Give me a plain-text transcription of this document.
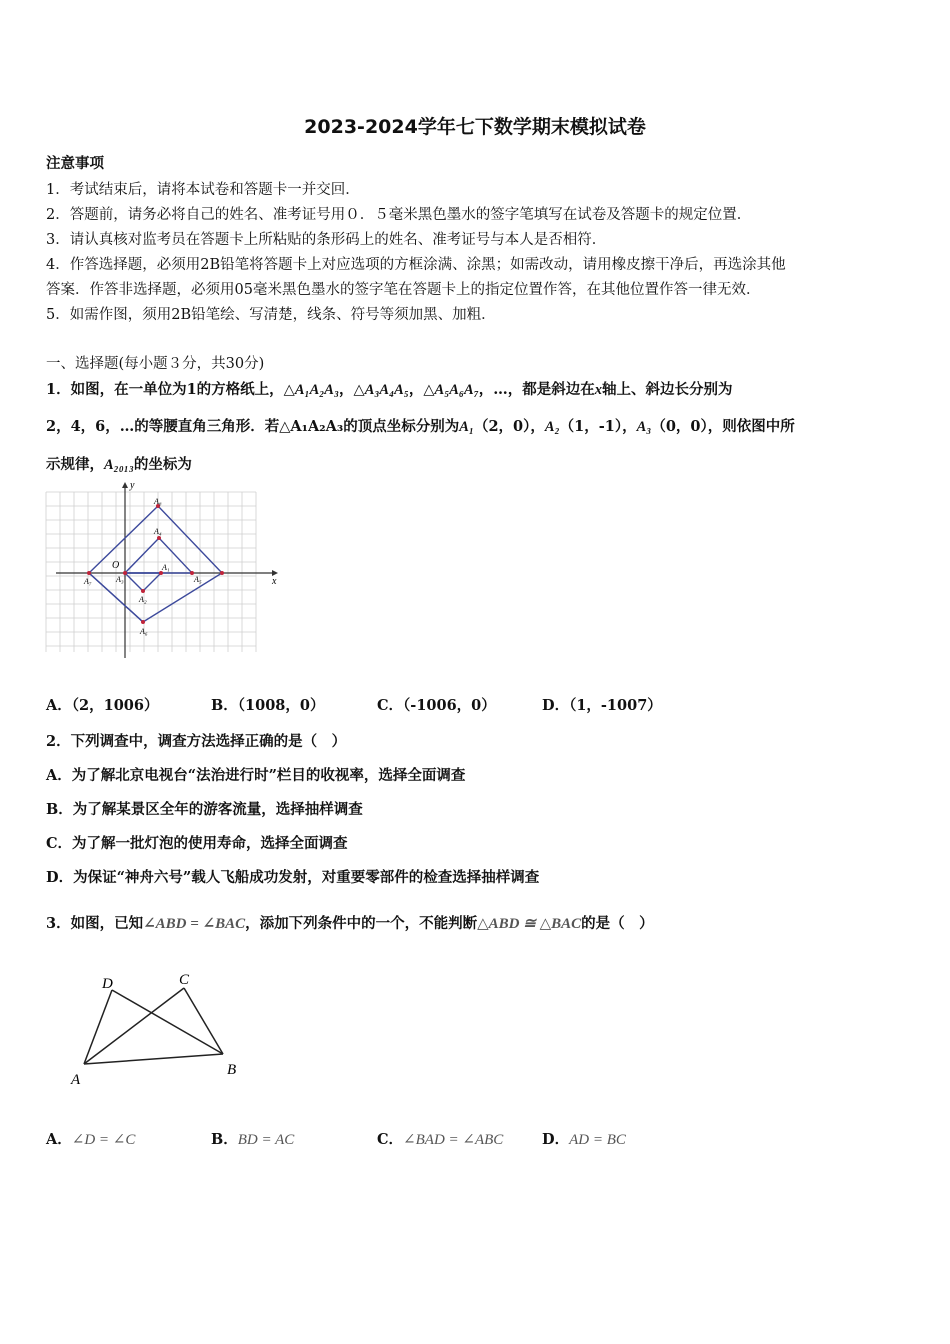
2023-2024学年七下数学期末模拟试卷
注意事项
1．考试结束后，请将本试卷和答题卡一并交回．
2．答题前，请务必将自己的姓名、准考证号用０．５毫米黑色墨水的签字笔填写在试卷及答题卡的规定位置．
3．请认真核对监考员在答题卡上所粘贴的条形码上的姓名、准考证号与本人是否相符．
4．作答选择题，必须用2B铅笔将答题卡上对应选项的方框涂满、涂黑；如需改动，请用橡皮擦干净后，再选涂其他
答案．作答非选择题，必须用05毫米黑色墨水的签字笔在答题卡上的指定位置作答，在其他位置作答一律无效．
5．如需作图，须用2B铅笔绘、写清楚，线条、符号等须加黑、加粗．
一、选择题(每小题３分，共30分)
1．如图，在一单位为1的方格纸上，△A₁A₂A₃，△A₃A₄A₅，△A₅A₆A₇，…，都是斜边在x轴上、斜边长分别为
2，4，6，…的等腰直角三角形．若△A₁A₂A₃的顶点坐标分别为A₁（2，0），A₂（1，-1），A₃（0，0），则依图中所
示规律，A₂₀₁₃的坐标为
y
x
O	A₁
A₂
A₃
A₄
A₅
A₆
A₇
A₈
A．（2，1006）	B．（1008，0）	C．（-1006，0）	D．（1，-1007）
2．下列调查中，调查方法选择正确的是（　）
A．为了解北京电视台“法治进行时”栏目的收视率，选择全面调查
B．为了解某景区全年的游客流量，选择抽样调查
C．为了解一批灯泡的使用寿命，选择全面调查
D．为保证“神舟六号”载人飞船成功发射，对重要零部件的检查选择抽样调查
3．如图，已知∠ABD = ∠BAC，添加下列条件中的一个，不能判断△ABD ≅ △BAC的是（　）
A
B
C
D
A．∠D = ∠C	B．BD = AC	C．∠BAD = ∠ABC	D．AD = BC
